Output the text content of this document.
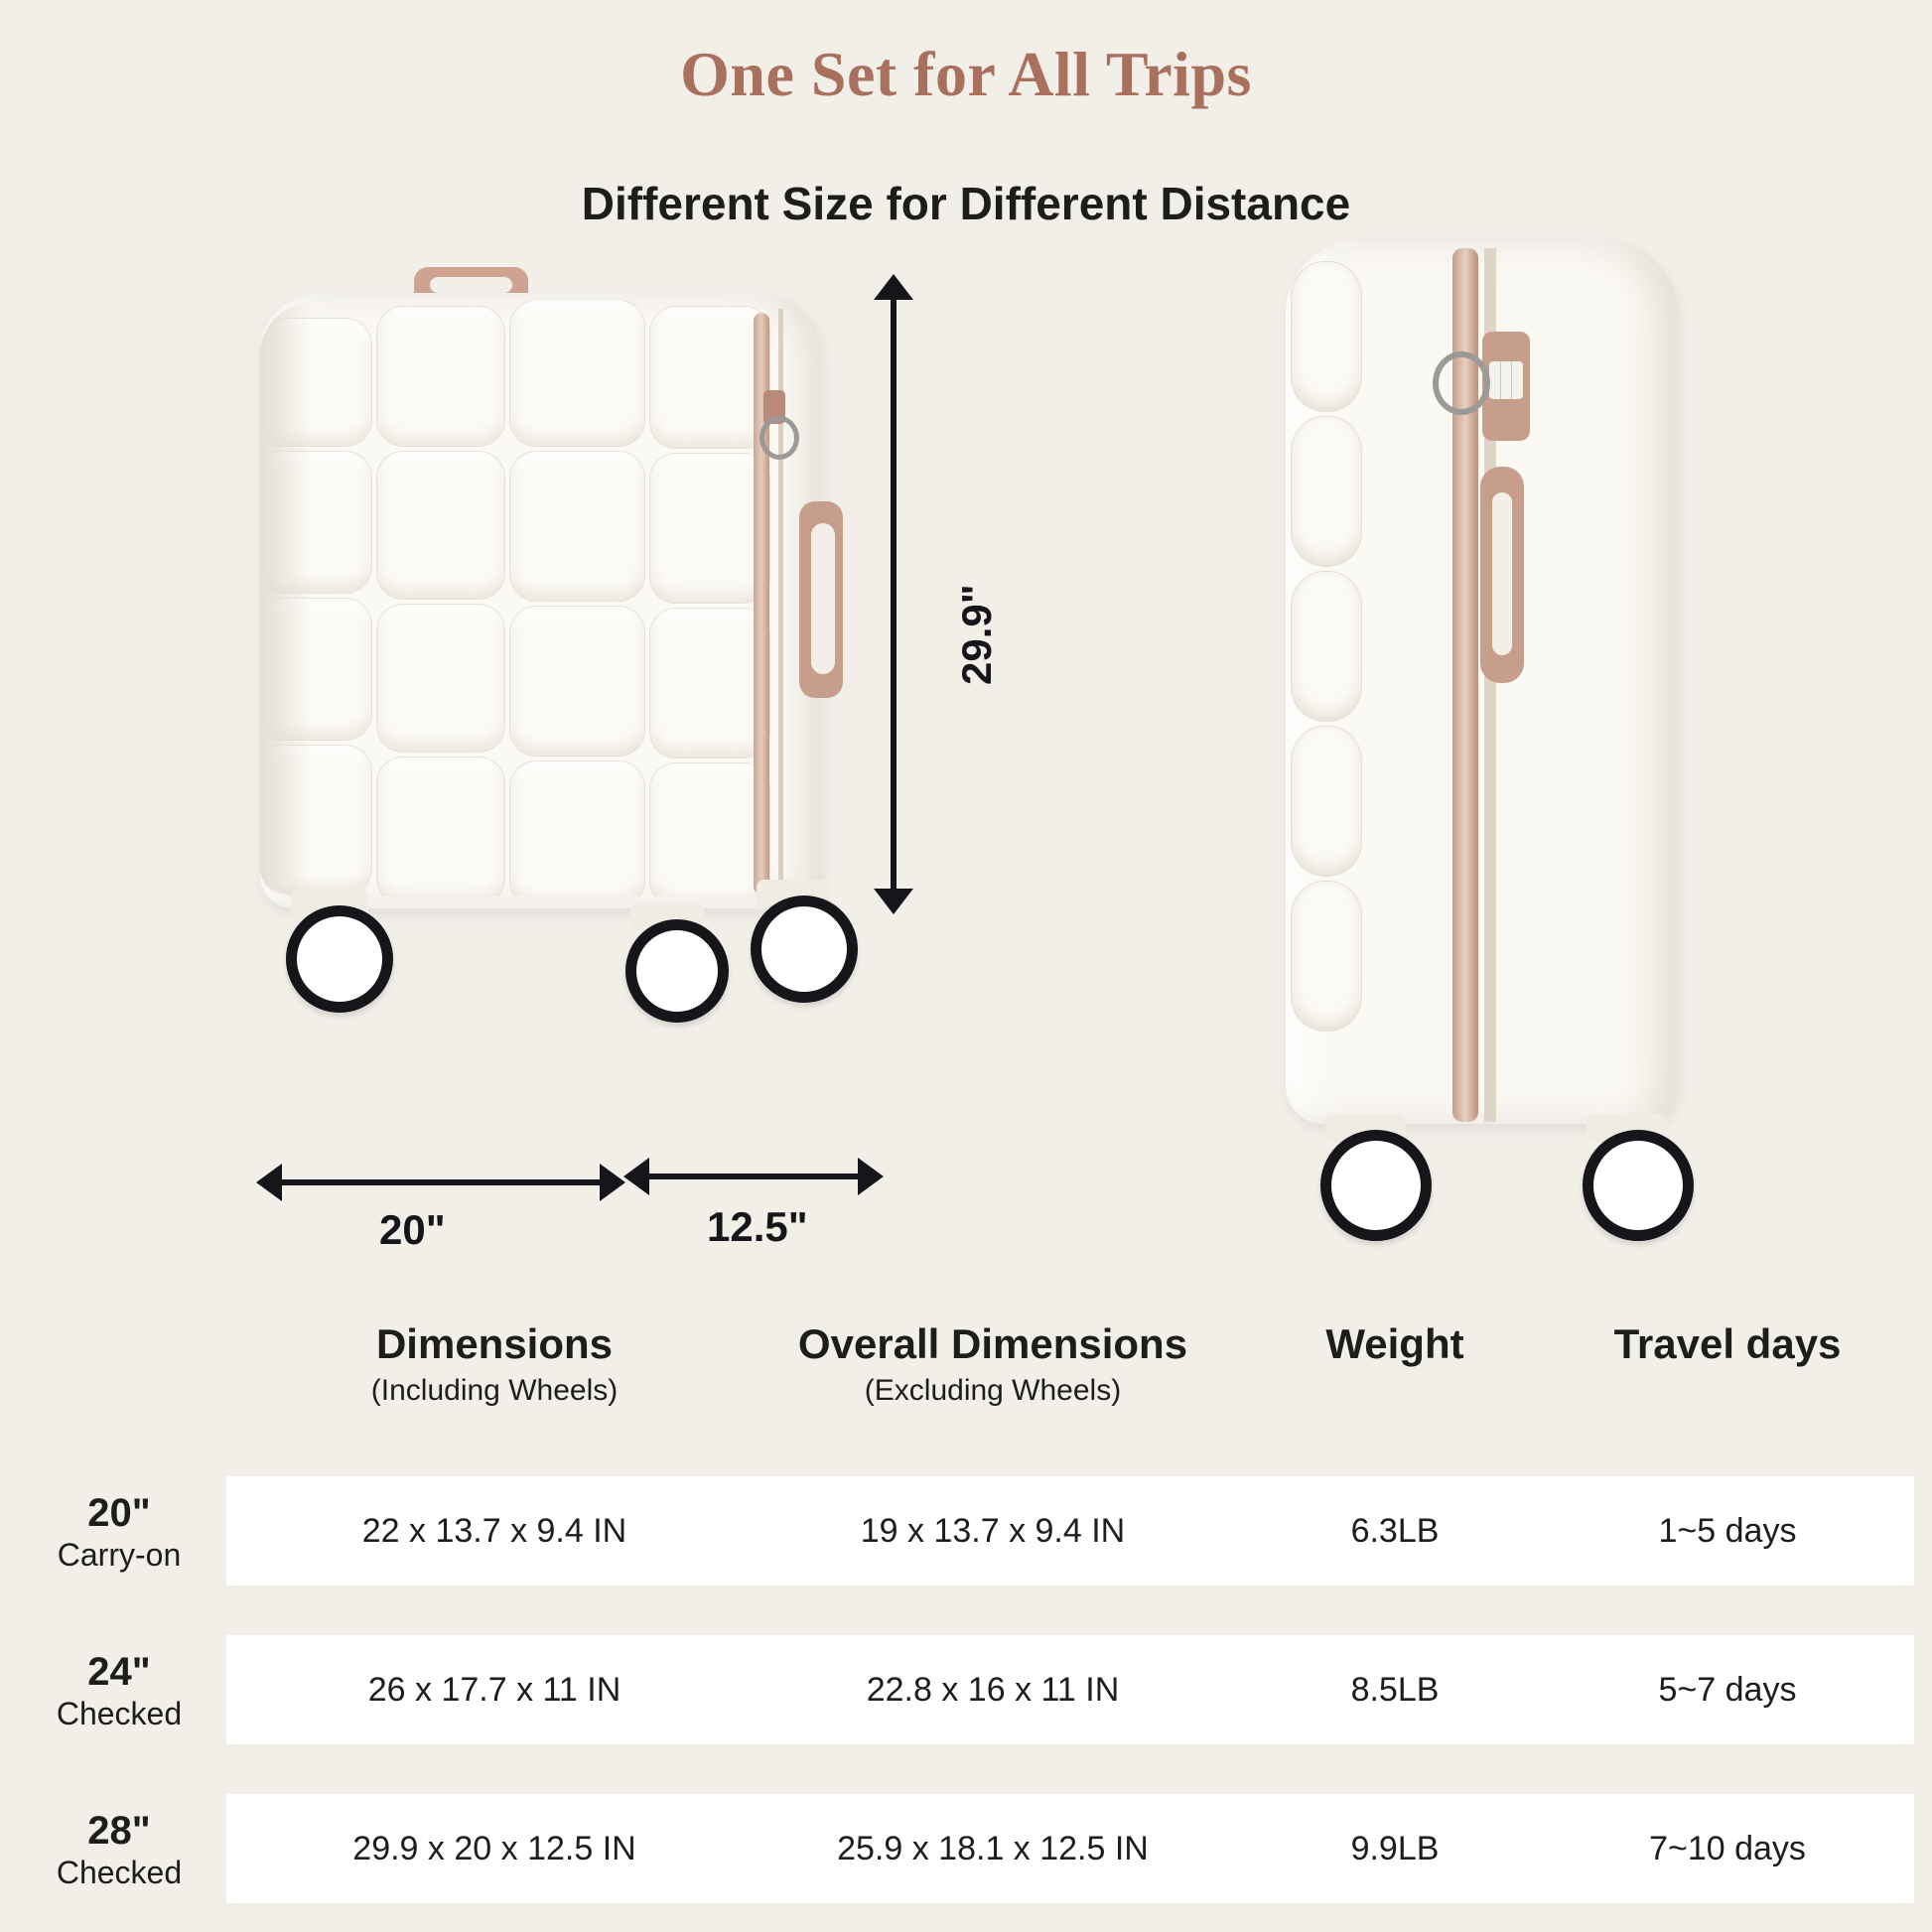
One Set for All Trips
Different Size for Different Distance
29.9"
20"	12.5"
Dimensions
(Including Wheels)
Overall Dimensions
(Excluding Wheels)
Weight	Travel days
20"
Carry-on
22 x 13.7 x 9.4 IN	19 x 13.7 x 9.4 IN	6.3LB	1~5 days
24"
Checked
26 x 17.7 x 11 IN	22.8 x 16 x 11 IN	8.5LB	5~7 days
28"
Checked
29.9 x 20 x 12.5 IN	25.9 x 18.1 x 12.5 IN	9.9LB	7~10 days
